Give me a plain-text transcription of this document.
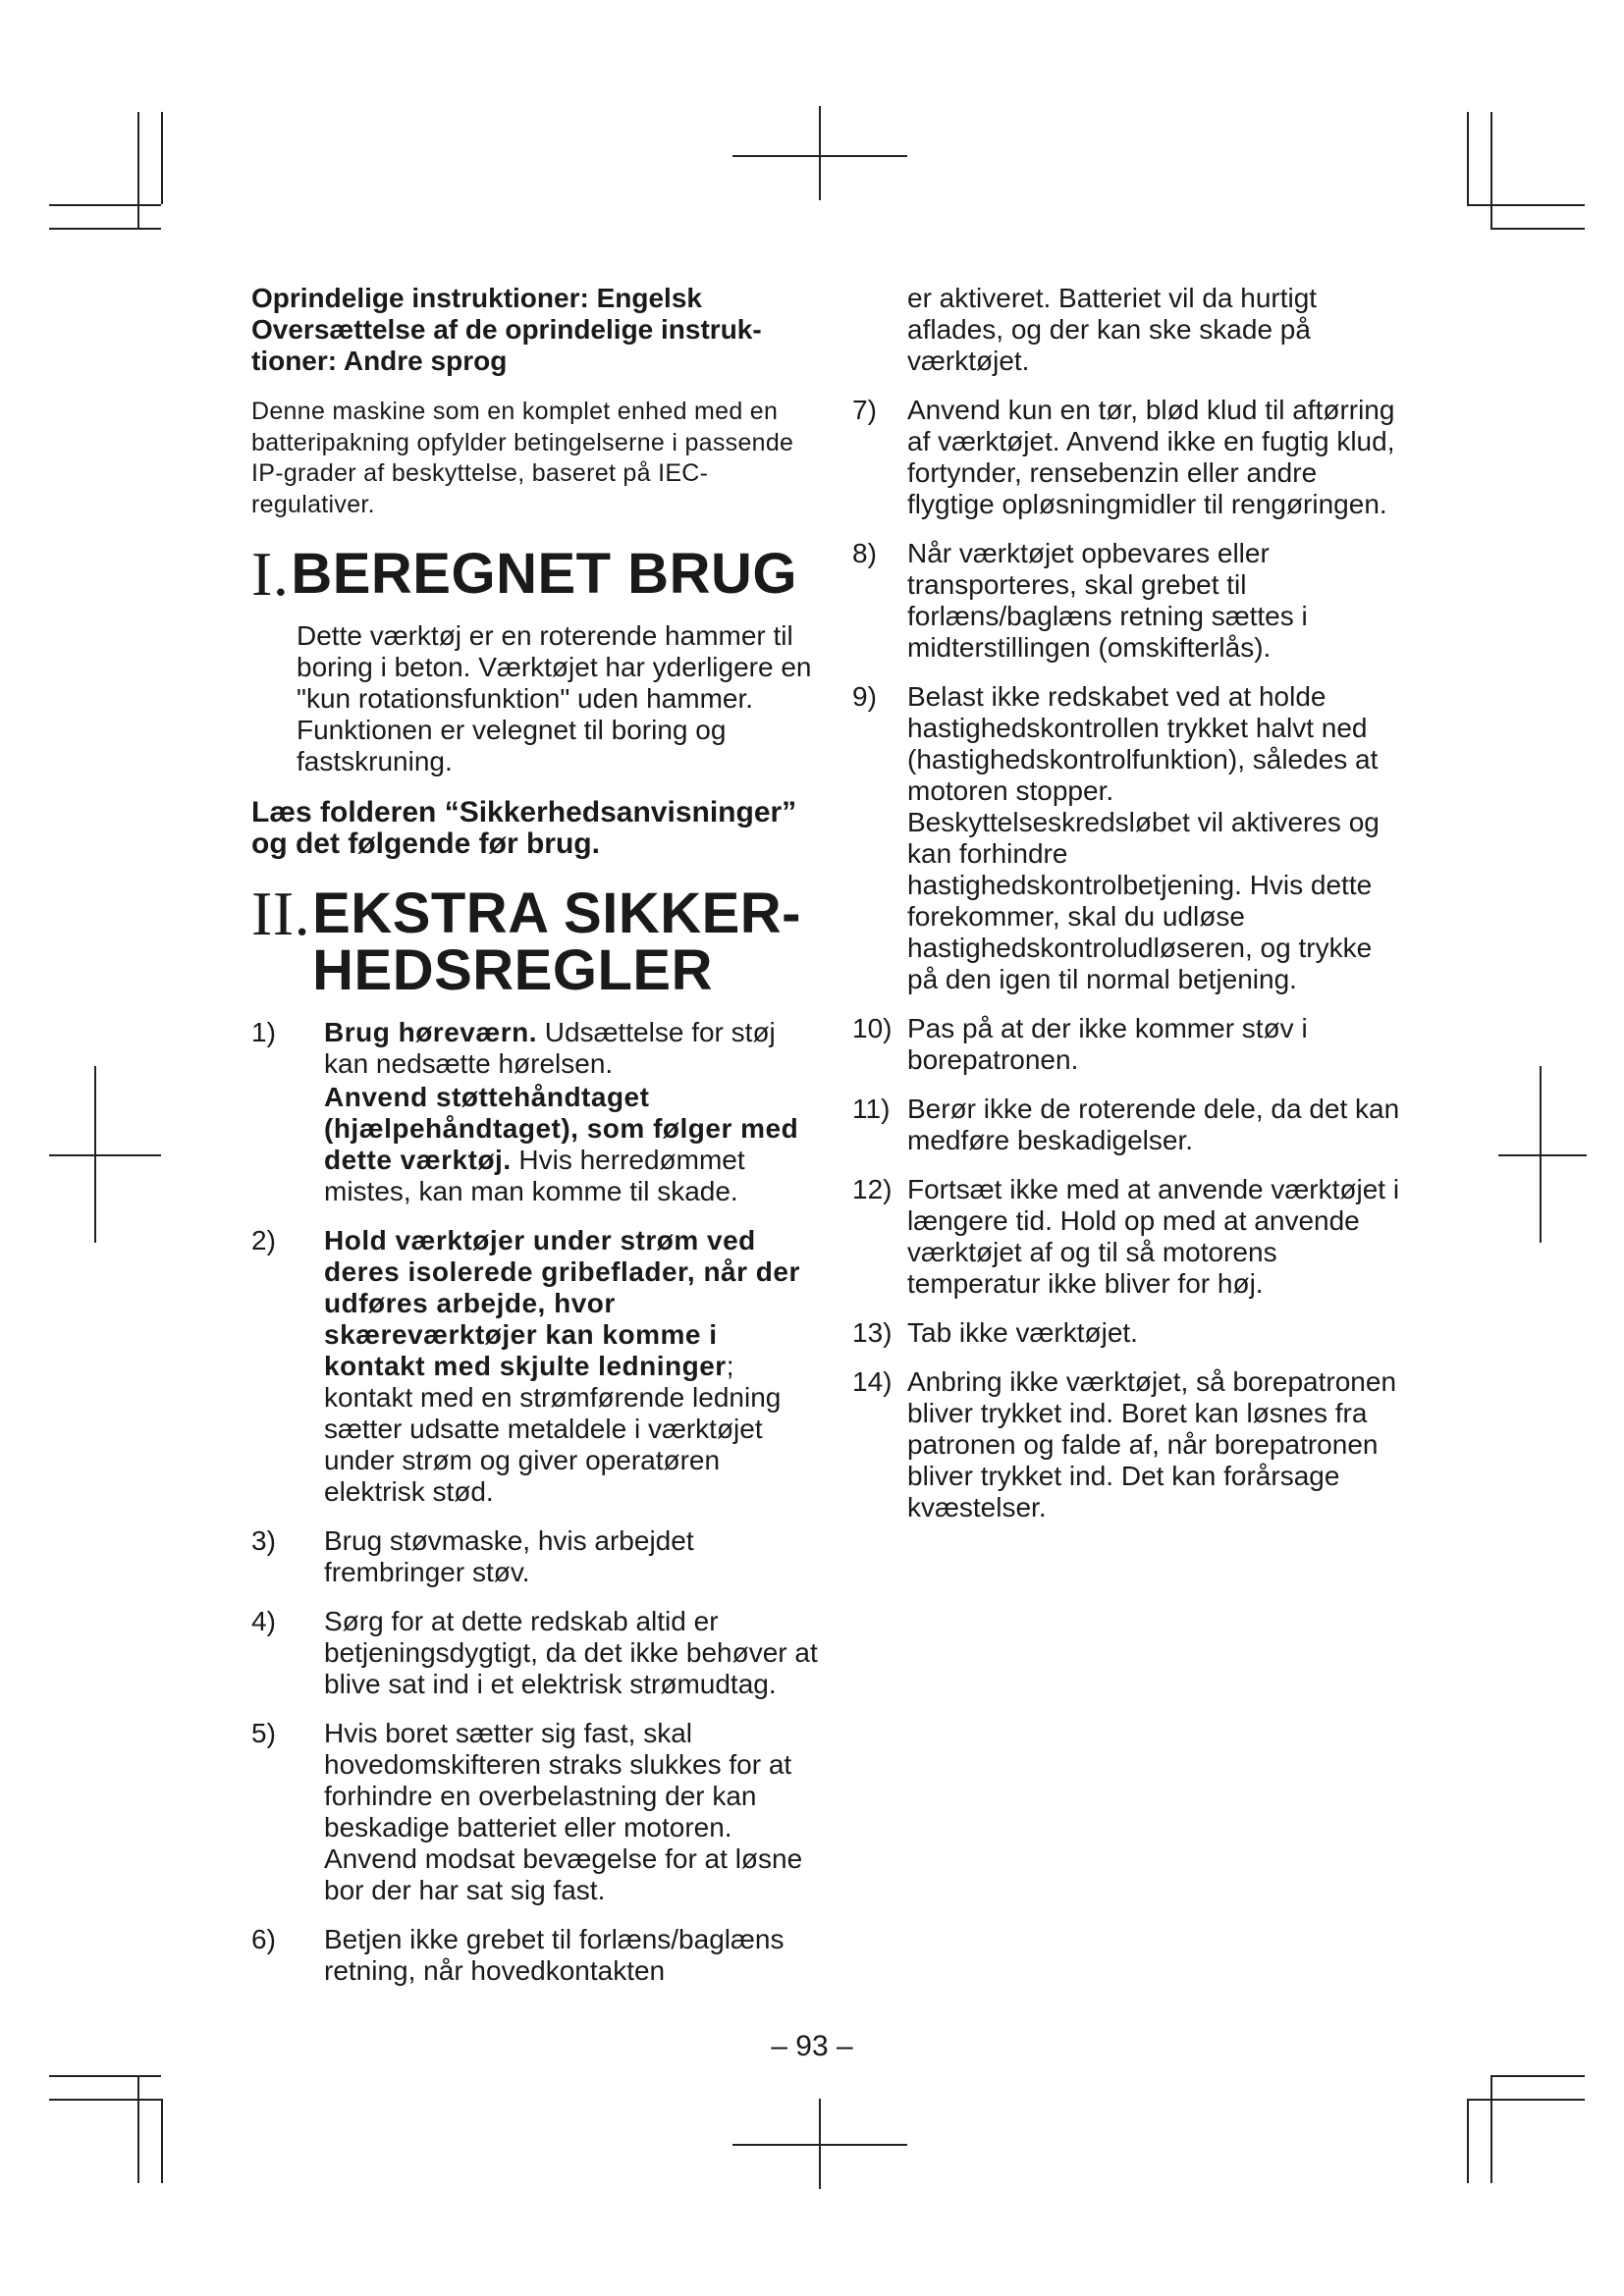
Oprindelige instruktioner: Engelsk
Oversættelse af de oprindelige instruk-
tioner: Andre sprog
Denne maskine som en komplet enhed med en batteripakning opfylder betingelserne i passende IP-grader af beskyttelse, baseret på IEC-regulativer.
I. BEREGNET BRUG
Dette værktøj er en roterende hammer til boring i beton. Værktøjet har yderligere en "kun rotationsfunktion" uden hammer. Funktionen er velegnet til boring og fastskruning.
Læs folderen “Sikkerhedsanvisninger” og det følgende før brug.
II. EKSTRA SIKKER-
HEDSREGLER
1)	Brug høreværn. Udsættelse for støj kan nedsætte hørelsen.
Anvend støttehåndtaget (hjælpehåndtaget), som følger med dette værktøj. Hvis herredømmet mistes, kan man komme til skade.
2)	Hold værktøjer under strøm ved deres isolerede gribeflader, når der udføres arbejde, hvor skæreværktøjer kan komme i kontakt med skjulte ledninger; kontakt med en strømførende ledning sætter udsatte metaldele i værktøjet under strøm og giver operatøren elektrisk stød.
3)	Brug støvmaske, hvis arbejdet frembringer støv.
4)	Sørg for at dette redskab altid er betjeningsdygtigt, da det ikke behøver at blive sat ind i et elektrisk strømudtag.
5)	Hvis boret sætter sig fast, skal hovedomskifteren straks slukkes for at forhindre en overbelastning der kan beskadige batteriet eller motoren. Anvend modsat bevægelse for at løsne bor der har sat sig fast.
6)	Betjen ikke grebet til forlæns/baglæns retning, når hovedkontakten
er aktiveret. Batteriet vil da hurtigt aflades, og der kan ske skade på værktøjet.
7)	Anvend kun en tør, blød klud til aftørring af værktøjet. Anvend ikke en fugtig klud, fortynder, rensebenzin eller andre flygtige opløsningmidler til rengøringen.
8)	Når værktøjet opbevares eller transporteres, skal grebet til forlæns/baglæns retning sættes i midterstillingen (omskifterlås).
9)	Belast ikke redskabet ved at holde hastighedskontrollen trykket halvt ned (hastighedskontrolfunktion), således at motoren stopper. Beskyttelseskredsløbet vil aktiveres og kan forhindre hastighedskontrolbetjening. Hvis dette forekommer, skal du udløse hastighedskontroludløseren, og trykke på den igen til normal betjening.
10) Pas på at der ikke kommer støv i borepatronen.
11) Berør ikke de roterende dele, da det kan medføre beskadigelser.
12) Fortsæt ikke med at anvende værktøjet i længere tid. Hold op med at anvende værktøjet af og til så motorens temperatur ikke bliver for høj.
13) Tab ikke værktøjet.
14) Anbring ikke værktøjet, så borepatronen bliver trykket ind. Boret kan løsnes fra patronen og falde af, når borepatronen bliver trykket ind. Det kan forårsage kvæstelser.
– 93 –
